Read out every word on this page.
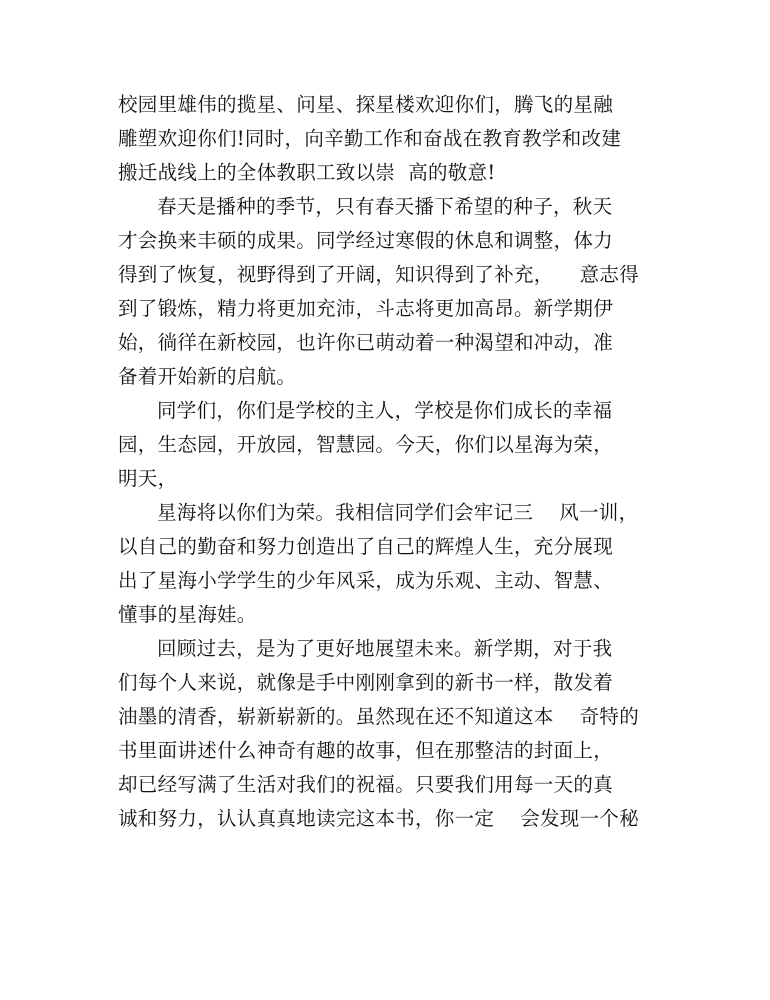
校园里雄伟的揽星、问星、探星楼欢迎你们，腾飞的星融
雕塑欢迎你们!同时，向辛勤工作和奋战在教育教学和改建
搬迁战线上的全体教职工致以崇  高的敬意!
春天是播种的季节，只有春天播下希望的种子，秋天
才会换来丰硕的成果。同学经过寒假的休息和调整，体力
得到了恢复，视野得到了开阔，知识得到了补充，    意志得
到了锻炼，精力将更加充沛，斗志将更加高昂。新学期伊
始，徜徉在新校园，也许你已萌动着一种渴望和冲动，准
备着开始新的启航。
同学们，你们是学校的主人，学校是你们成长的幸福
园，生态园，开放园，智慧园。今天，你们以星海为荣，
明天，
星海将以你们为荣。我相信同学们会牢记三    风一训，
以自己的勤奋和努力创造出了自己的辉煌人生，充分展现
出了星海小学学生的少年风采，成为乐观、主动、智慧、
懂事的星海娃。
回顾过去，是为了更好地展望未来。新学期，对于我
们每个人来说，就像是手中刚刚拿到的新书一样，散发着
油墨的清香，崭新崭新的。虽然现在还不知道这本    奇特的
书里面讲述什么神奇有趣的故事，但在那整洁的封面上，
却已经写满了生活对我们的祝福。只要我们用每一天的真
诚和努力，认认真真地读完这本书，你一定    会发现一个秘
